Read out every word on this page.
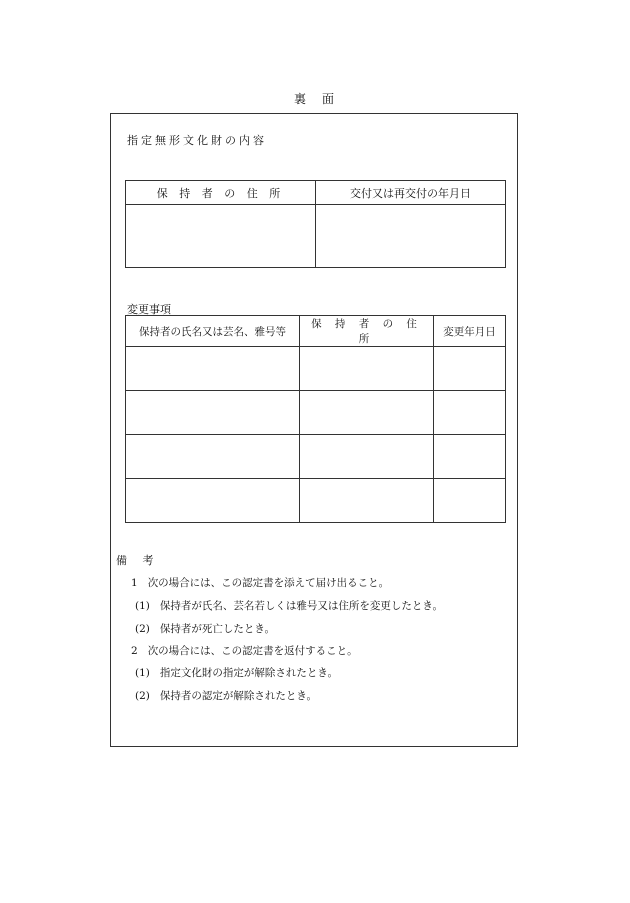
裏　面
指定無形文化財の内容
保 持 者 の 住 所	交付又は再交付の年月日

変更事項
保持者の氏名又は芸名、雅号等	保 持 者 の 住 所	変更年月日

備 考
1 次の場合には、この認定書を添えて届け出ること。
(1) 保持者が氏名、芸名若しくは雅号又は住所を変更したとき。
(2) 保持者が死亡したとき。
2 次の場合には、この認定書を返付すること。
(1) 指定文化財の指定が解除されたとき。
(2) 保持者の認定が解除されたとき。
